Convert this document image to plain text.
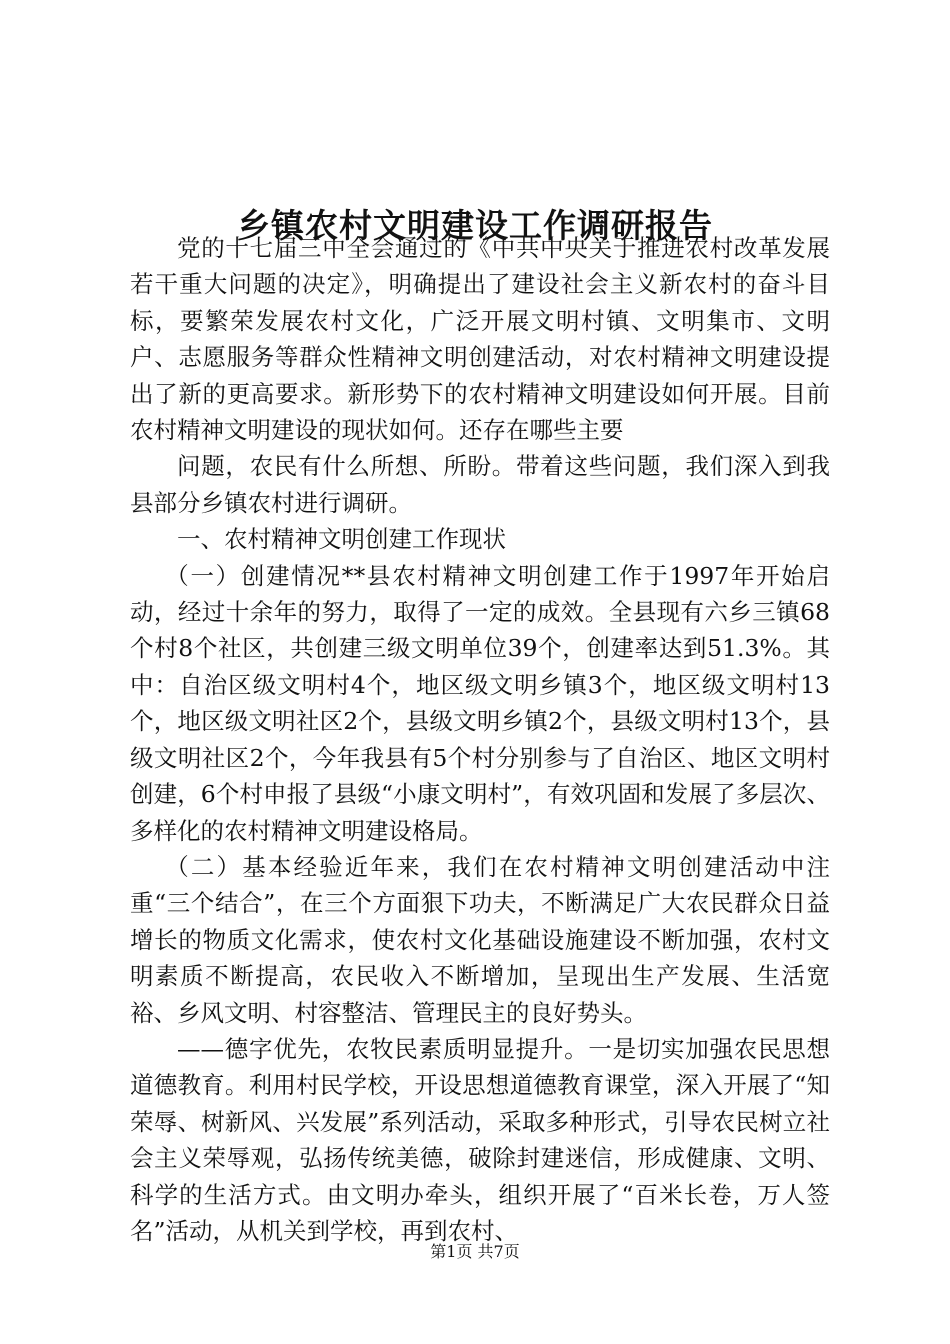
乡镇农村文明建设工作调研报告

党的十七届三中全会通过的《中共中央关于推进农村改革发展若干重大问题的决定》，明确提出了建设社会主义新农村的奋斗目标，要繁荣发展农村文化，广泛开展文明村镇、文明集市、文明户、志愿服务等群众性精神文明创建活动，对农村精神文明建设提出了新的更高要求。新形势下的农村精神文明建设如何开展。目前农村精神文明建设的现状如何。还存在哪些主要

问题，农民有什么所想、所盼。带着这些问题，我们深入到我县部分乡镇农村进行调研。

一、农村精神文明创建工作现状

（一）创建情况**县农村精神文明创建工作于1997年开始启动，经过十余年的努力，取得了一定的成效。全县现有六乡三镇68个村8个社区，共创建三级文明单位39个，创建率达到51.3%。其中：自治区级文明村4个，地区级文明乡镇3个，地区级文明村13个，地区级文明社区2个，县级文明乡镇2个，县级文明村13个，县级文明社区2个，今年我县有5个村分别参与了自治区、地区文明村创建，6个村申报了县级“小康文明村”，有效巩固和发展了多层次、多样化的农村精神文明建设格局。

（二）基本经验近年来，我们在农村精神文明创建活动中注重“三个结合”，在三个方面狠下功夫，不断满足广大农民群众日益增长的物质文化需求，使农村文化基础设施建设不断加强，农村文明素质不断提高，农民收入不断增加，呈现出生产发展、生活宽裕、乡风文明、村容整洁、管理民主的良好势头。

——德字优先，农牧民素质明显提升。一是切实加强农民思想道德教育。利用村民学校，开设思想道德教育课堂，深入开展了“知荣辱、树新风、兴发展”系列活动，采取多种形式，引导农民树立社会主义荣辱观，弘扬传统美德，破除封建迷信，形成健康、文明、科学的生活方式。由文明办牵头，组织开展了“百米长卷，万人签名”活动，从机关到学校，再到农村、

第1页 共7页
